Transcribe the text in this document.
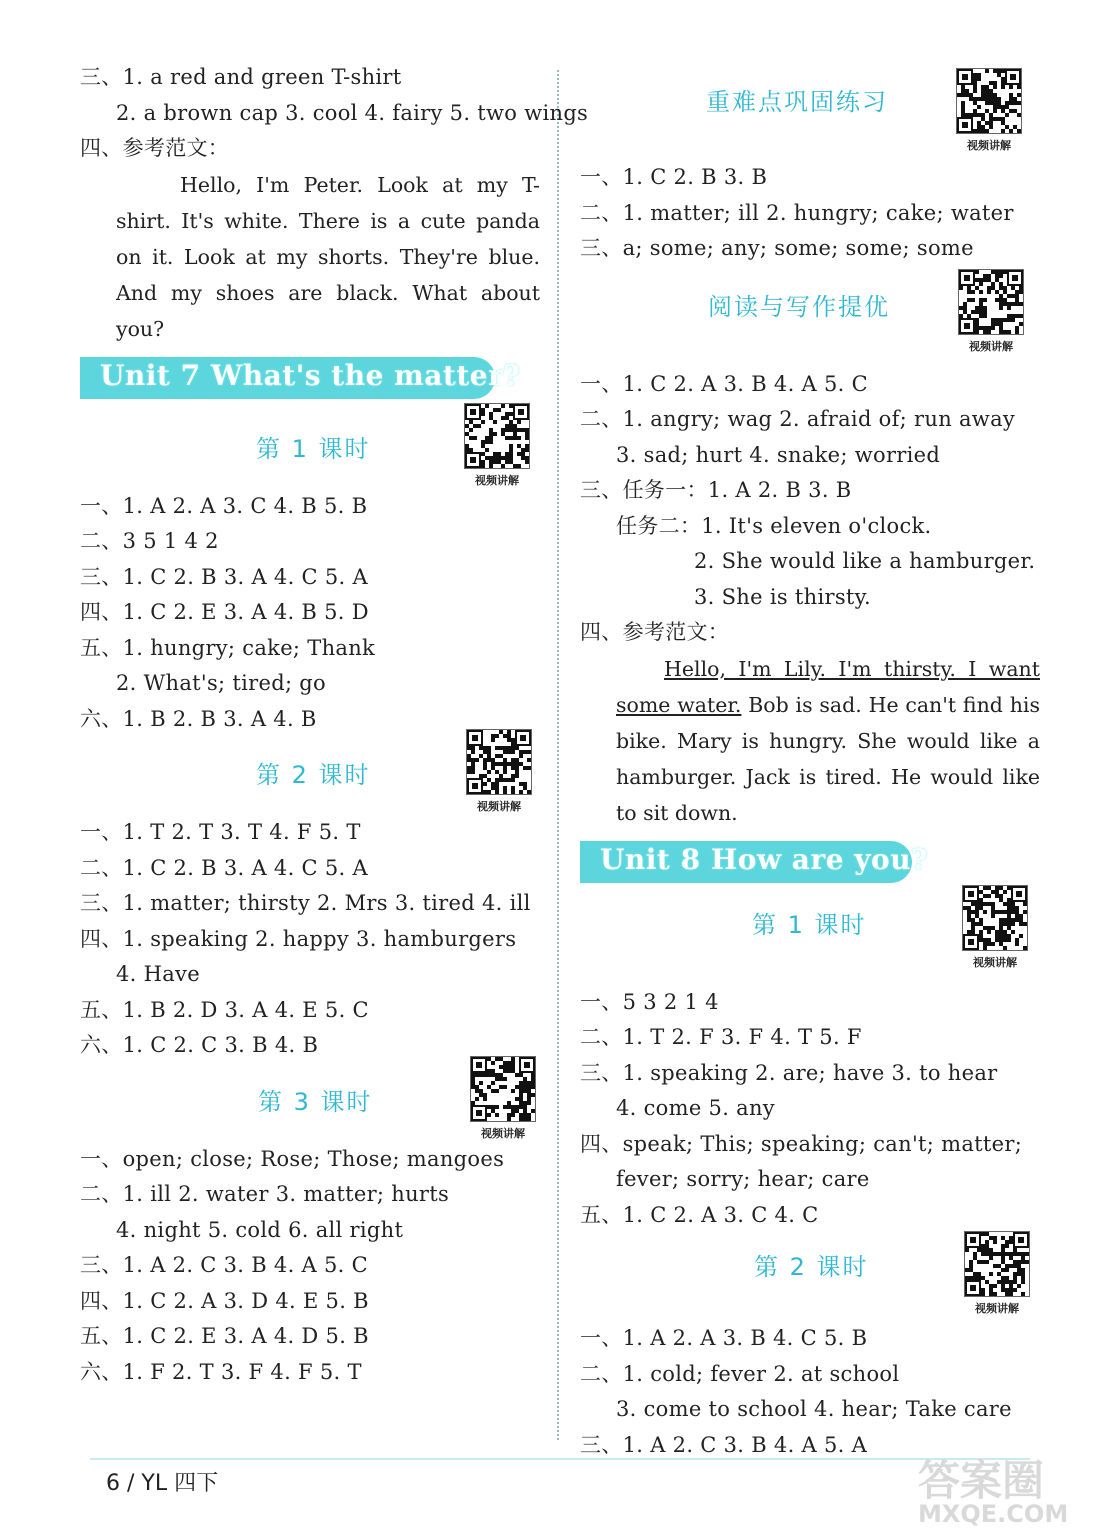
三、1. a red and green T-shirt
2. a brown cap 3. cool 4. fairy 5. two wings
四、参考范文：
Hello, I'm Peter. Look at my T-shirt. It's white. There is a cute panda on it. Look at my shorts. They're blue. And my shoes are black. What about you?
Unit 7 What's the matter?
第 1 课时
视频讲解
一、1. A 2. A 3. C 4. B 5. B
二、3 5 1 4 2
三、1. C 2. B 3. A 4. C 5. A
四、1. C 2. E 3. A 4. B 5. D
五、1. hungry; cake; Thank
2. What's; tired; go
六、1. B 2. B 3. A 4. B
第 2 课时
视频讲解
一、1. T 2. T 3. T 4. F 5. T
二、1. C 2. B 3. A 4. C 5. A
三、1. matter; thirsty 2. Mrs 3. tired 4. ill
四、1. speaking 2. happy 3. hamburgers
4. Have
五、1. B 2. D 3. A 4. E 5. C
六、1. C 2. C 3. B 4. B
第 3 课时
视频讲解
一、open; close; Rose; Those; mangoes
二、1. ill 2. water 3. matter; hurts
4. night 5. cold 6. all right
三、1. A 2. C 3. B 4. A 5. C
四、1. C 2. A 3. D 4. E 5. B
五、1. C 2. E 3. A 4. D 5. B
六、1. F 2. T 3. F 4. F 5. T
重难点巩固练习
视频讲解
一、1. C 2. B 3. B
二、1. matter; ill 2. hungry; cake; water
三、a; some; any; some; some; some
阅读与写作提优
视频讲解
一、1. C 2. A 3. B 4. A 5. C
二、1. angry; wag 2. afraid of; run away
3. sad; hurt 4. snake; worried
三、任务一：1. A 2. B 3. B
任务二：1. It's eleven o'clock.
2. She would like a hamburger.
3. She is thirsty.
四、参考范文：
Hello, I'm Lily. I'm thirsty. I want some water. Bob is sad. He can't find his bike. Mary is hungry. She would like a hamburger. Jack is tired. He would like to sit down.
Unit 8 How are you?
第 1 课时
视频讲解
一、5 3 2 1 4
二、1. T 2. F 3. F 4. T 5. F
三、1. speaking 2. are; have 3. to hear
4. come 5. any
四、speak; This; speaking; can't; matter;
fever; sorry; hear; care
五、1. C 2. A 3. C 4. C
第 2 课时
视频讲解
一、1. A 2. A 3. B 4. C 5. B
二、1. cold; fever 2. at school
3. come to school 4. hear; Take care
三、1. A 2. C 3. B 4. A 5. A
6 / YL 四下	答案圈
MXQE.COM
